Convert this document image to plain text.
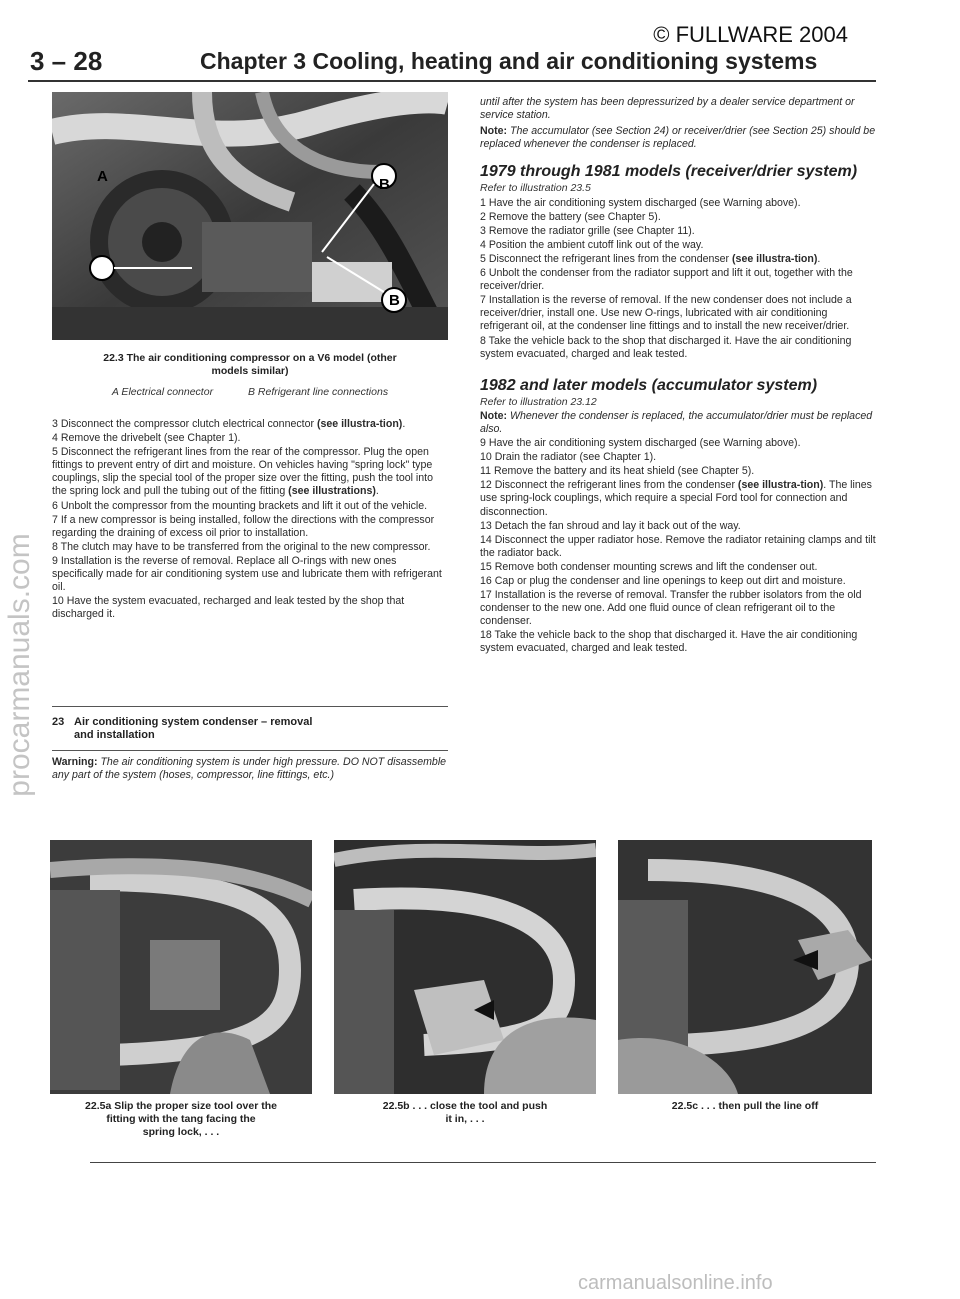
© FULLWARE 2004
3 – 28	Chapter 3 Cooling, heating and air conditioning systems
procarmanuals.com
A	B
B
22.3 The air conditioning compressor on a V6 model (other
models similar)
A Electrical connector	B Refrigerant line connections

3 Disconnect the compressor clutch electrical connector (see illustra-tion).

4 Remove the drivebelt (see Chapter 1).

5 Disconnect the refrigerant lines from the rear of the compressor. Plug the open fittings to prevent entry of dirt and moisture. On vehicles having "spring lock" type couplings, slip the special tool of the proper size over the fitting, push the tool into the spring lock and pull the tubing out of the fitting (see illustrations).

6 Unbolt the compressor from the mounting brackets and lift it out of the vehicle.

7 If a new compressor is being installed, follow the directions with the compressor regarding the draining of excess oil prior to installation.

8 The clutch may have to be transferred from the original to the new compressor.

9 Installation is the reverse of removal. Replace all O-rings with new ones specifically made for air conditioning system use and lubricate them with refrigerant oil.

10 Have the system evacuated, recharged and leak tested by the shop that discharged it.

23 Air conditioning system condenser – removal
and installation

Warning: The air conditioning system is under high pressure. DO NOT disassemble any part of the system (hoses, compressor, line fittings, etc.)

until after the system has been depressurized by a dealer service department or service station.

Note: The accumulator (see Section 24) or receiver/drier (see Section 25) should be replaced whenever the condenser is replaced.

1979 through 1981 models (receiver/drier system)

Refer to illustration 23.5

1 Have the air conditioning system discharged (see Warning above).

2 Remove the battery (see Chapter 5).

3 Remove the radiator grille (see Chapter 11).

4 Position the ambient cutoff link out of the way.

5 Disconnect the refrigerant lines from the condenser (see illustra-tion).

6 Unbolt the condenser from the radiator support and lift it out, together with the receiver/drier.

7 Installation is the reverse of removal. If the new condenser does not include a receiver/drier, install one. Use new O-rings, lubricated with air conditioning refrigerant oil, at the condenser line fittings and to install the new receiver/drier.

8 Take the vehicle back to the shop that discharged it. Have the air conditioning system evacuated, charged and leak tested.

1982 and later models (accumulator system)

Refer to illustration 23.12

Note: Whenever the condenser is replaced, the accumulator/drier must be replaced also.

9 Have the air conditioning system discharged (see Warning above).

10 Drain the radiator (see Chapter 1).

11 Remove the battery and its heat shield (see Chapter 5).

12 Disconnect the refrigerant lines from the condenser (see illustra-tion). The lines use spring-lock couplings, which require a special Ford tool for connection and disconnection.

13 Detach the fan shroud and lay it back out of the way.

14 Disconnect the upper radiator hose. Remove the radiator retaining clamps and tilt the radiator back.

15 Remove both condenser mounting screws and lift the condenser out.

16 Cap or plug the condenser and line openings to keep out dirt and moisture.

17 Installation is the reverse of removal. Transfer the rubber isolators from the old condenser to the new one. Add one fluid ounce of clean refrigerant oil to the condenser.

18 Take the vehicle back to the shop that discharged it. Have the air conditioning system evacuated, charged and leak tested.

22.5a Slip the proper size tool over the
fitting with the tang facing the
spring lock, . . .
22.5b . . . close the tool and push
it in, . . .
22.5c . . . then pull the line off
carmanualsonline.info
